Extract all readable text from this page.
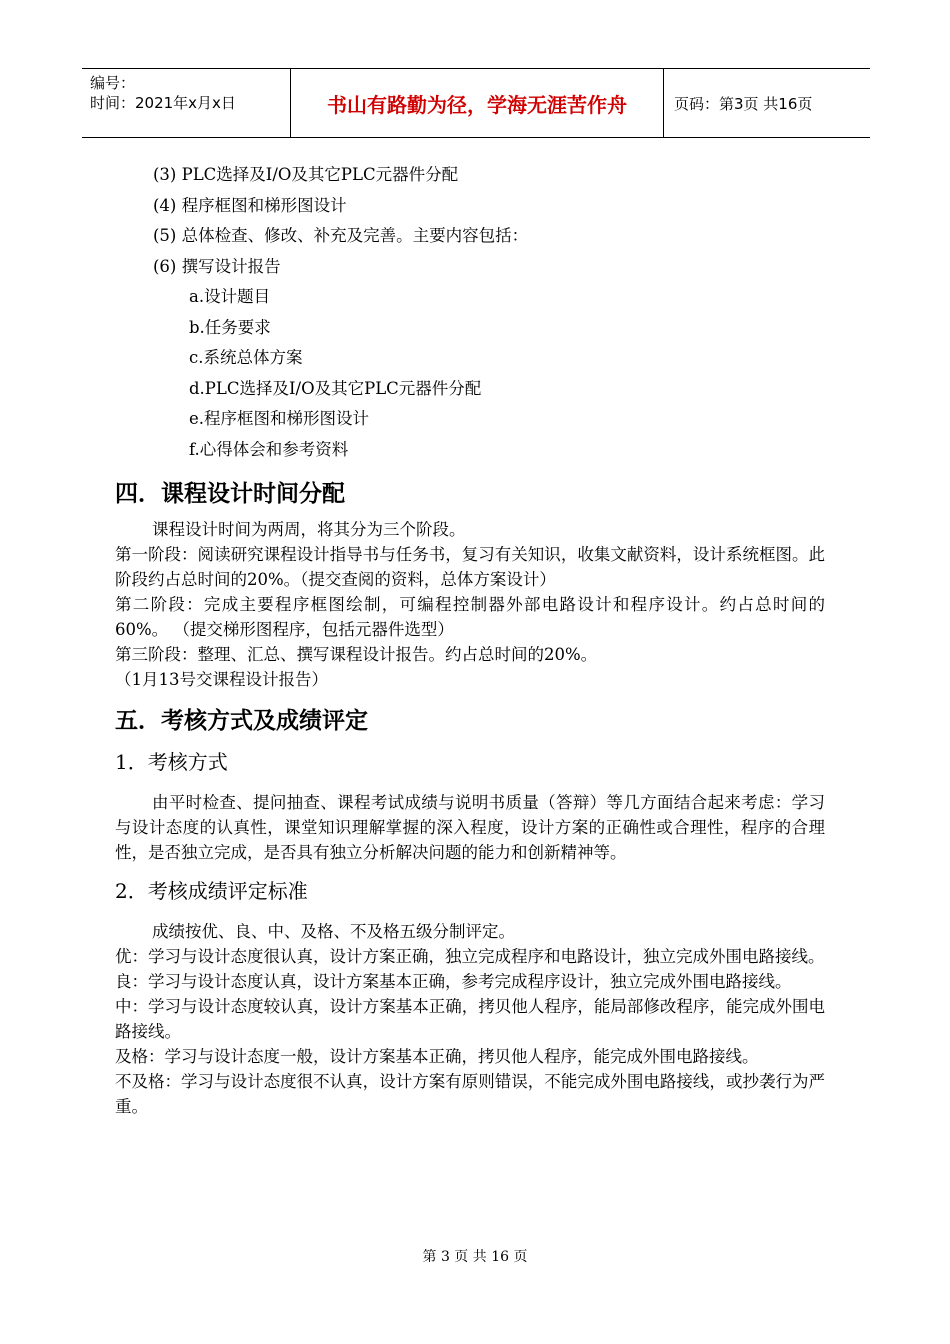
编号：
时间：2021年x月x日	书山有路勤为径，学海无涯苦作舟	页码：第3页 共16页
(3) PLC选择及I/O及其它PLC元器件分配
(4) 程序框图和梯形图设计
(5) 总体检查、修改、补充及完善。主要内容包括：
(6) 撰写设计报告
a.设计题目
b.任务要求
c.系统总体方案
d.PLC选择及I/O及其它PLC元器件分配
e.程序框图和梯形图设计
f.心得体会和参考资料
四．课程设计时间分配
课程设计时间为两周，将其分为三个阶段。
第一阶段：阅读研究课程设计指导书与任务书，复习有关知识，收集文献资料，设计系统框图。此阶段约占总时间的20%。（提交查阅的资料，总体方案设计）
第二阶段：完成主要程序框图绘制，可编程控制器外部电路设计和程序设计。约占总时间的60%。 （提交梯形图程序，包括元器件选型）
第三阶段：整理、汇总、撰写课程设计报告。约占总时间的20%。
（1月13号交课程设计报告）
五．考核方式及成绩评定
1．考核方式
由平时检查、提问抽查、课程考试成绩与说明书质量（答辩）等几方面结合起来考虑：学习与设计态度的认真性，课堂知识理解掌握的深入程度，设计方案的正确性或合理性，程序的合理性，是否独立完成，是否具有独立分析解决问题的能力和创新精神等。
2．考核成绩评定标准
成绩按优、良、中、及格、不及格五级分制评定。
优：学习与设计态度很认真，设计方案正确，独立完成程序和电路设计，独立完成外围电路接线。
良：学习与设计态度认真，设计方案基本正确，参考完成程序设计，独立完成外围电路接线。
中：学习与设计态度较认真，设计方案基本正确，拷贝他人程序，能局部修改程序，能完成外围电路接线。
及格：学习与设计态度一般，设计方案基本正确，拷贝他人程序，能完成外围电路接线。
不及格：学习与设计态度很不认真，设计方案有原则错误，不能完成外围电路接线，或抄袭行为严重。
第 3 页 共 16 页
